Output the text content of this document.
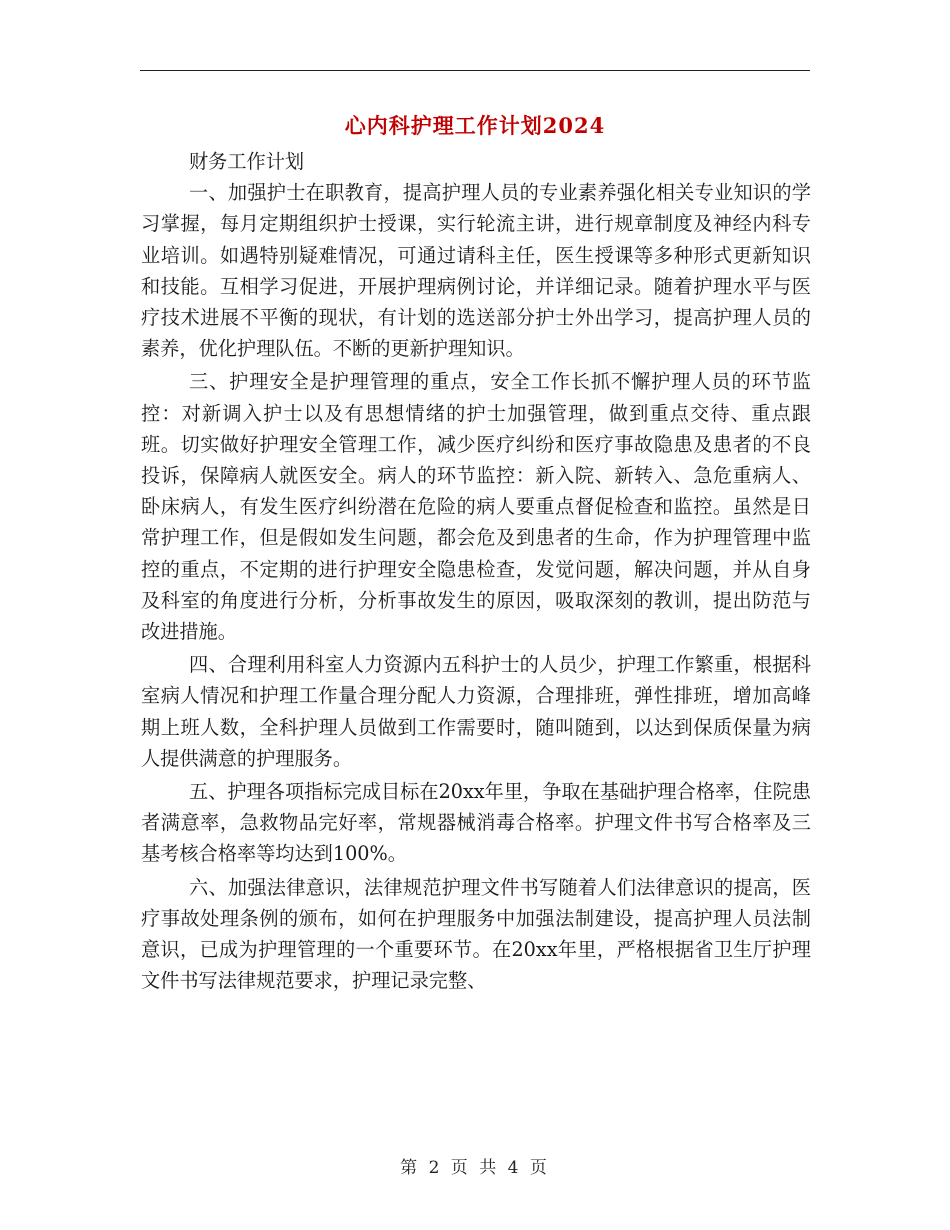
心内科护理工作计划2024

财务工作计划

一、加强护士在职教育，提高护理人员的专业素养强化相关专业知识的学习掌握，每月定期组织护士授课，实行轮流主讲，进行规章制度及神经内科专业培训。如遇特别疑难情况，可通过请科主任，医生授课等多种形式更新知识和技能。互相学习促进，开展护理病例讨论，并详细记录。随着护理水平与医疗技术进展不平衡的现状，有计划的选送部分护士外出学习，提高护理人员的素养，优化护理队伍。不断的更新护理知识。

三、护理安全是护理管理的重点，安全工作长抓不懈护理人员的环节监控：对新调入护士以及有思想情绪的护士加强管理，做到重点交待、重点跟班。切实做好护理安全管理工作，减少医疗纠纷和医疗事故隐患及患者的不良投诉，保障病人就医安全。病人的环节监控：新入院、新转入、急危重病人、卧床病人，有发生医疗纠纷潜在危险的病人要重点督促检查和监控。虽然是日常护理工作，但是假如发生问题，都会危及到患者的生命，作为护理管理中监控的重点，不定期的进行护理安全隐患检查，发觉问题，解决问题，并从自身及科室的角度进行分析，分析事故发生的原因，吸取深刻的教训，提出防范与改进措施。

四、合理利用科室人力资源内五科护士的人员少，护理工作繁重，根据科室病人情况和护理工作量合理分配人力资源，合理排班，弹性排班，增加高峰期上班人数，全科护理人员做到工作需要时，随叫随到，以达到保质保量为病人提供满意的护理服务。

五、护理各项指标完成目标在20xx年里，争取在基础护理合格率，住院患者满意率，急救物品完好率，常规器械消毒合格率。护理文件书写合格率及三基考核合格率等均达到100%。

六、加强法律意识，法律规范护理文件书写随着人们法律意识的提高，医疗事故处理条例的颁布，如何在护理服务中加强法制建设，提高护理人员法制意识，已成为护理管理的一个重要环节。在20xx年里，严格根据省卫生厅护理文件书写法律规范要求，护理记录完整、

第 2 页 共 4 页
